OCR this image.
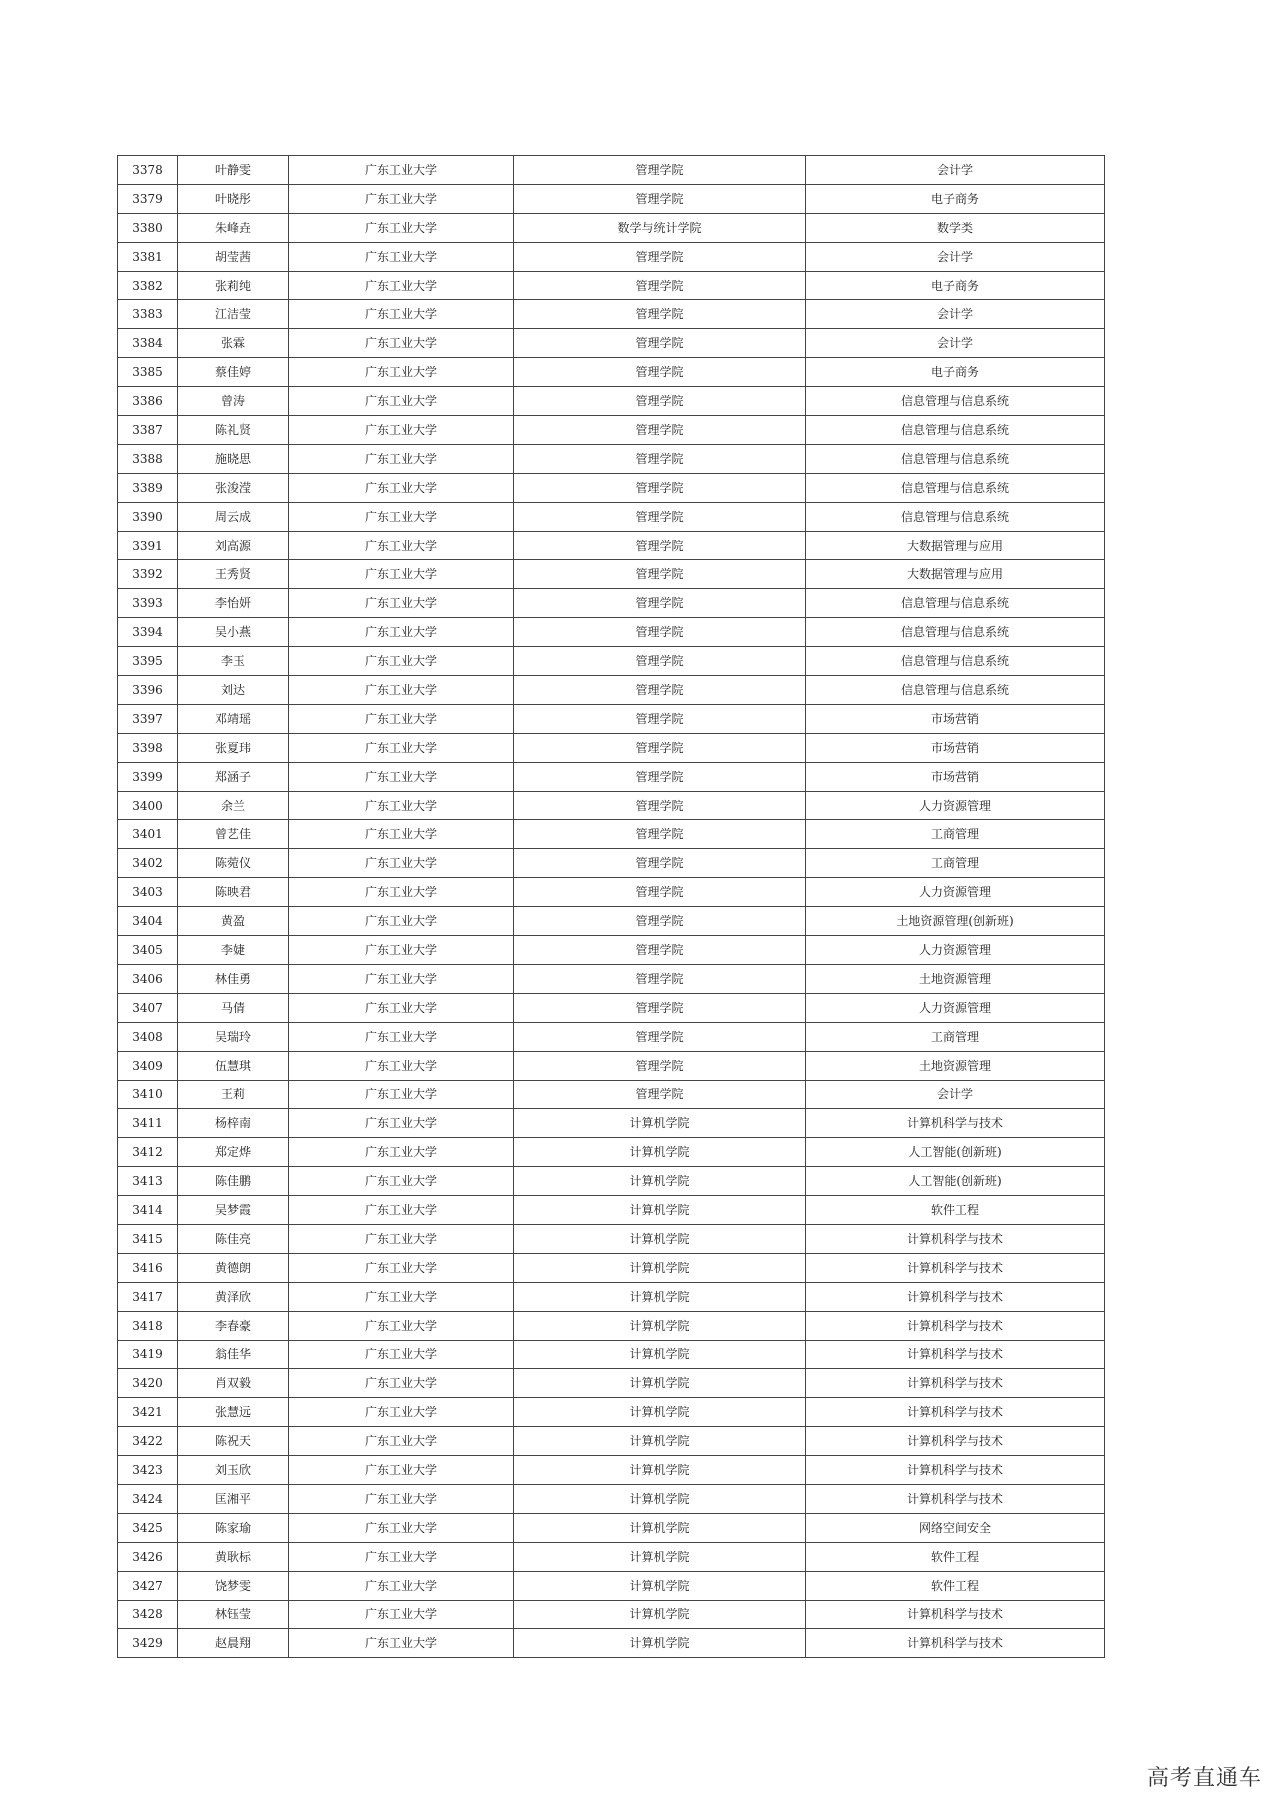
3378	叶静雯	广东工业大学	管理学院	会计学
3379	叶晓彤	广东工业大学	管理学院	电子商务
3380	朱峰垚	广东工业大学	数学与统计学院	数学类
3381	胡莹茜	广东工业大学	管理学院	会计学
3382	张莉纯	广东工业大学	管理学院	电子商务
3383	江洁莹	广东工业大学	管理学院	会计学
3384	张霖	广东工业大学	管理学院	会计学
3385	蔡佳婷	广东工业大学	管理学院	电子商务
3386	曾涛	广东工业大学	管理学院	信息管理与信息系统
3387	陈礼贤	广东工业大学	管理学院	信息管理与信息系统
3388	施晓思	广东工业大学	管理学院	信息管理与信息系统
3389	张浚滢	广东工业大学	管理学院	信息管理与信息系统
3390	周云成	广东工业大学	管理学院	信息管理与信息系统
3391	刘高源	广东工业大学	管理学院	大数据管理与应用
3392	王秀贤	广东工业大学	管理学院	大数据管理与应用
3393	李怡妍	广东工业大学	管理学院	信息管理与信息系统
3394	吴小燕	广东工业大学	管理学院	信息管理与信息系统
3395	李玉	广东工业大学	管理学院	信息管理与信息系统
3396	刘达	广东工业大学	管理学院	信息管理与信息系统
3397	邓靖瑶	广东工业大学	管理学院	市场营销
3398	张夏玮	广东工业大学	管理学院	市场营销
3399	郑涵子	广东工业大学	管理学院	市场营销
3400	余兰	广东工业大学	管理学院	人力资源管理
3401	曾艺佳	广东工业大学	管理学院	工商管理
3402	陈菀仪	广东工业大学	管理学院	工商管理
3403	陈映君	广东工业大学	管理学院	人力资源管理
3404	黄盈	广东工业大学	管理学院	土地资源管理(创新班)
3405	李婕	广东工业大学	管理学院	人力资源管理
3406	林佳勇	广东工业大学	管理学院	土地资源管理
3407	马倩	广东工业大学	管理学院	人力资源管理
3408	吴瑞玲	广东工业大学	管理学院	工商管理
3409	伍慧琪	广东工业大学	管理学院	土地资源管理
3410	王莉	广东工业大学	管理学院	会计学
3411	杨梓南	广东工业大学	计算机学院	计算机科学与技术
3412	郑定烨	广东工业大学	计算机学院	人工智能(创新班)
3413	陈佳鹏	广东工业大学	计算机学院	人工智能(创新班)
3414	吴梦霞	广东工业大学	计算机学院	软件工程
3415	陈佳亮	广东工业大学	计算机学院	计算机科学与技术
3416	黄德朗	广东工业大学	计算机学院	计算机科学与技术
3417	黄泽欣	广东工业大学	计算机学院	计算机科学与技术
3418	李春豪	广东工业大学	计算机学院	计算机科学与技术
3419	翁佳华	广东工业大学	计算机学院	计算机科学与技术
3420	肖双毅	广东工业大学	计算机学院	计算机科学与技术
3421	张慧远	广东工业大学	计算机学院	计算机科学与技术
3422	陈祝天	广东工业大学	计算机学院	计算机科学与技术
3423	刘玉欣	广东工业大学	计算机学院	计算机科学与技术
3424	匡湘平	广东工业大学	计算机学院	计算机科学与技术
3425	陈家瑜	广东工业大学	计算机学院	网络空间安全
3426	黄耿标	广东工业大学	计算机学院	软件工程
3427	饶梦雯	广东工业大学	计算机学院	软件工程
3428	林钰莹	广东工业大学	计算机学院	计算机科学与技术
3429	赵晨翔	广东工业大学	计算机学院	计算机科学与技术
高考直通车
